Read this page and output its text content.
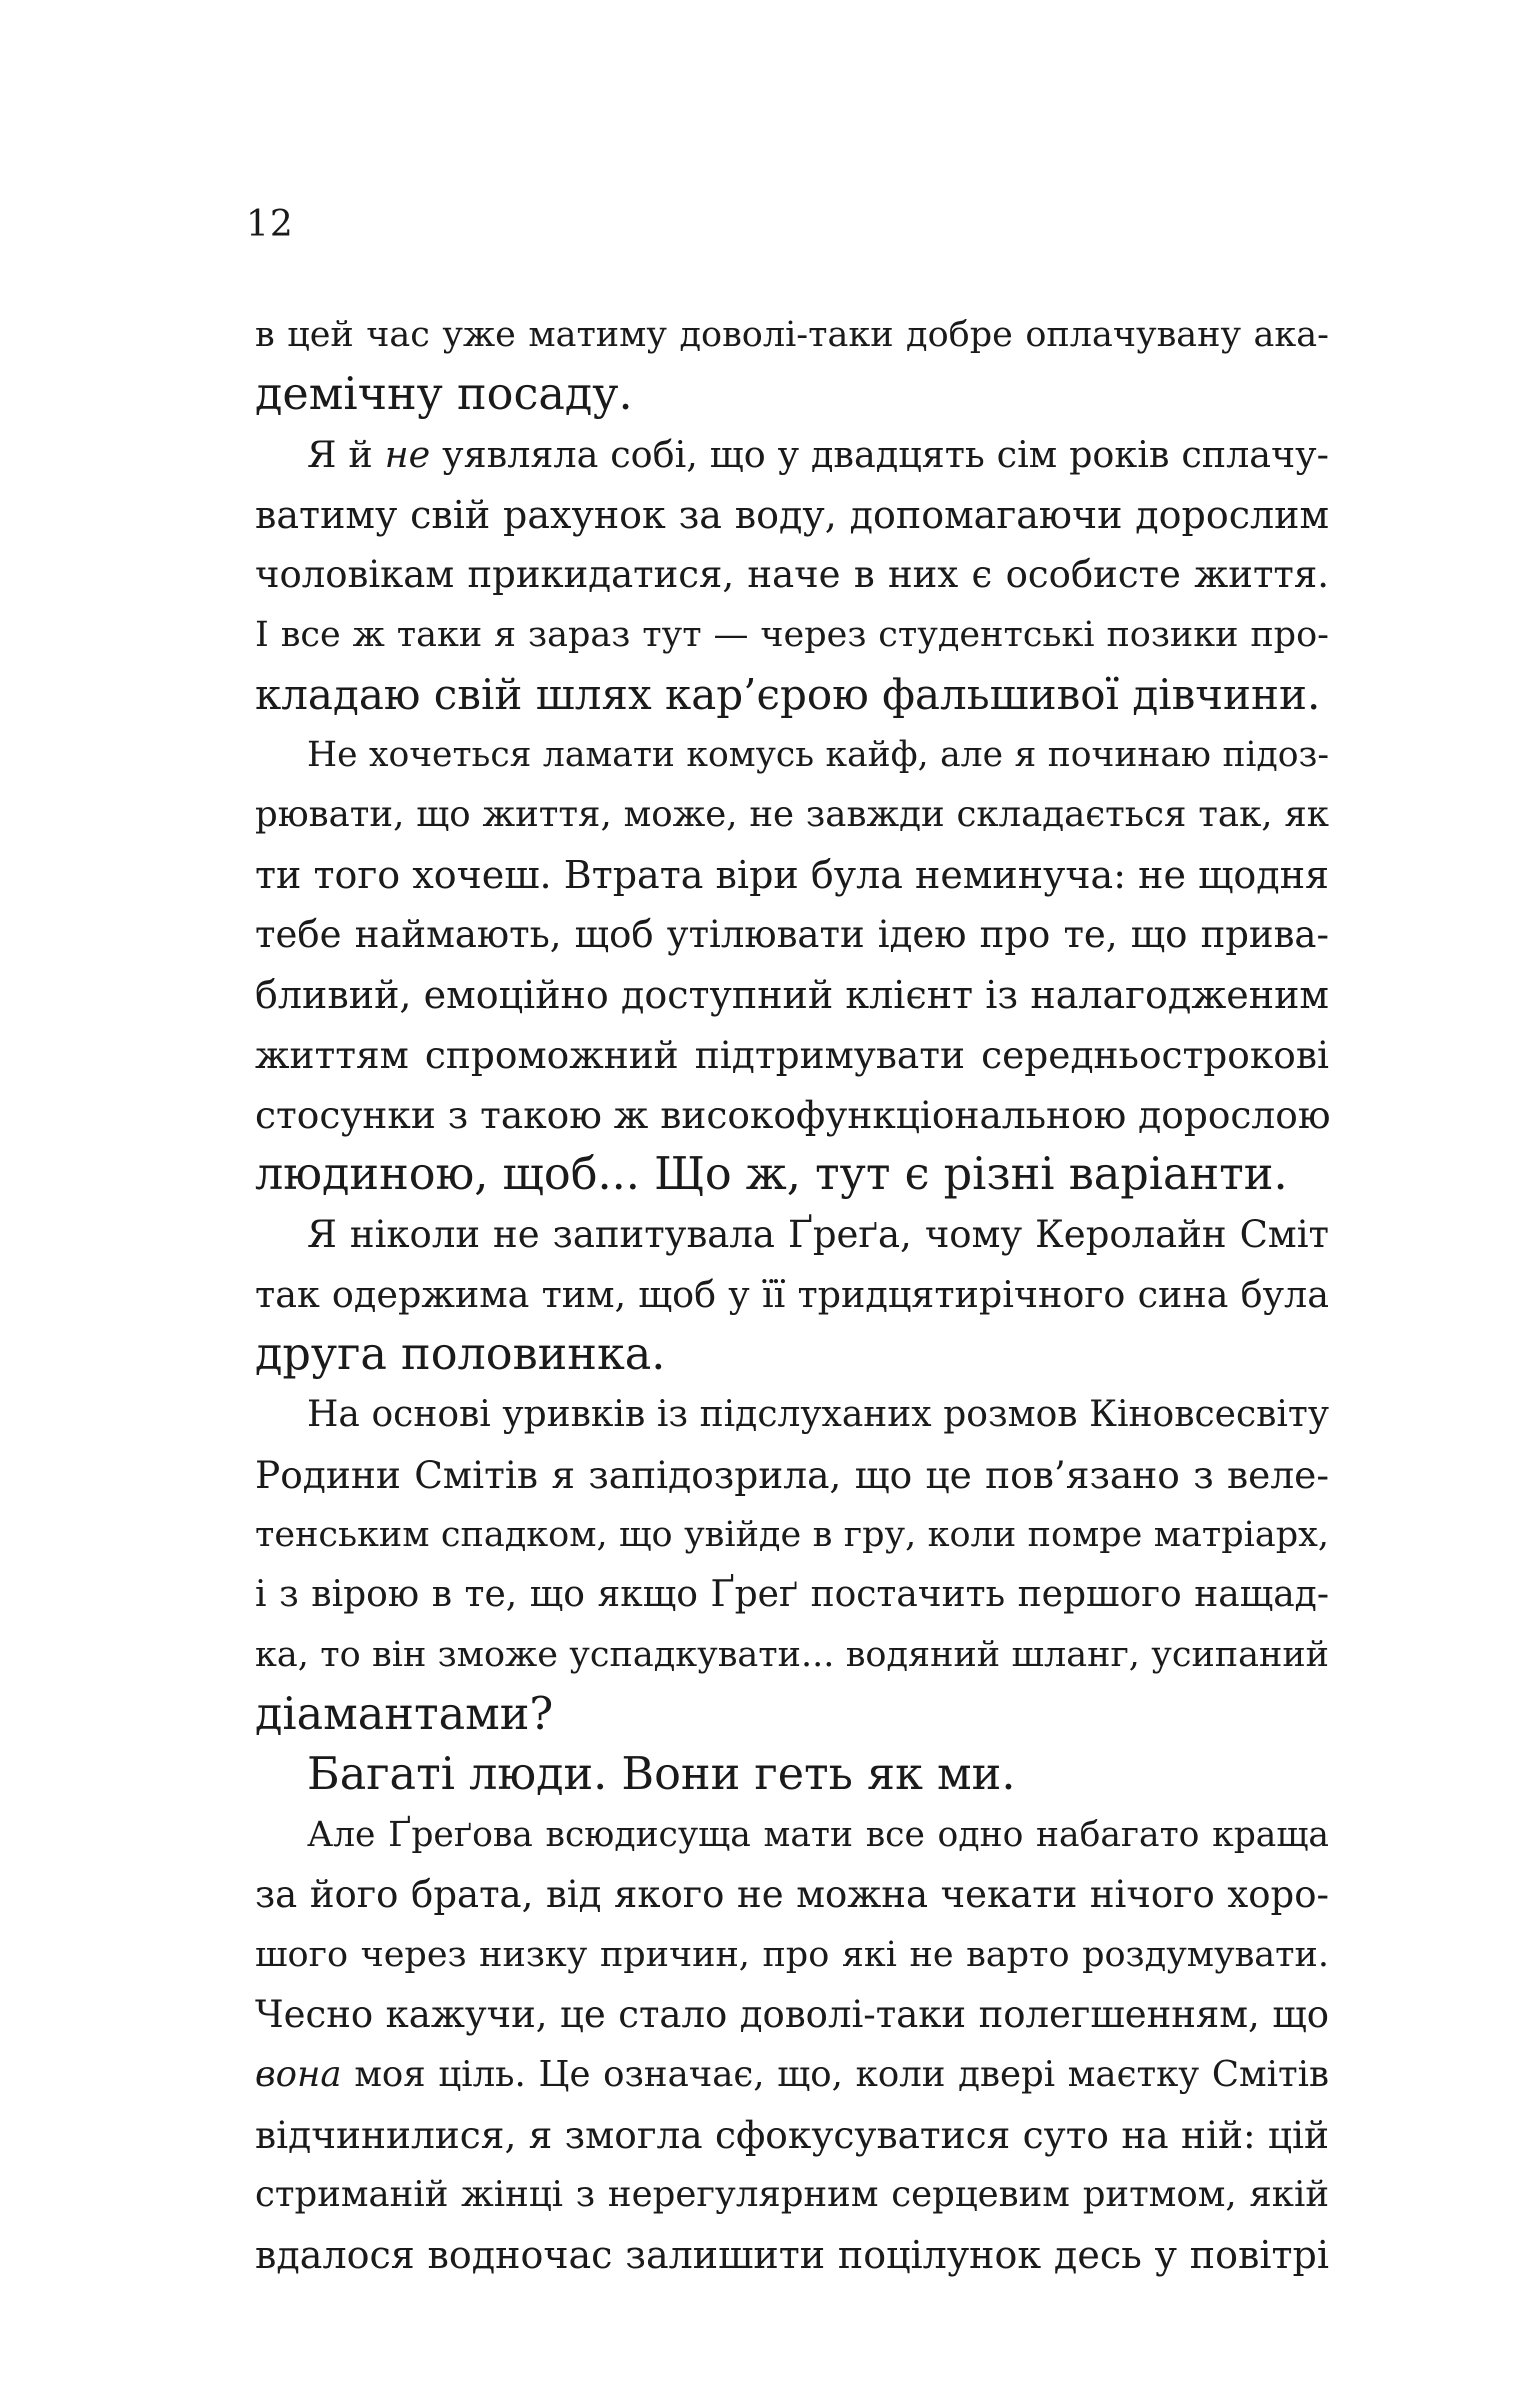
12
в цей час уже матиму доволі-таки добре оплачувану ака-
демічну посаду.
Я й не уявляла собі, що у двадцять сім років сплачу-
ватиму свій рахунок за воду, допомагаючи дорослим
чоловікам прикидатися, наче в них є особисте життя.
І все ж таки я зараз тут — через студентські позики про-
кладаю свій шлях кар’єрою фальшивої дівчини.
Не хочеться ламати комусь кайф, але я починаю підоз-
рювати, що життя, може, не завжди складається так, як
ти того хочеш. Втрата віри була неминуча: не щодня
тебе наймають, щоб утілювати ідею про те, що прива-
бливий, емоційно доступний клієнт із налагодженим
життям спроможний підтримувати середньострокові
стосунки з такою ж високофункціональною дорослою
людиною, щоб... Що ж, тут є різні варіанти.
Я ніколи не запитувала Ґреґа, чому Керолайн Сміт
так одержима тим, щоб у її тридцятирічного сина була
друга половинка.
На основі уривків із підслуханих розмов Кіновсесвіту
Родини Смітів я запідозрила, що це пов’язано з веле-
тенським спадком, що увійде в гру, коли помре матріарх,
і з вірою в те, що якщо Ґреґ постачить першого нащад-
ка, то він зможе успадкувати... водяний шланг, усипаний
діамантами?
Багаті люди. Вони геть як ми.
Але Ґреґова всюдисуща мати все одно набагато краща
за його брата, від якого не можна чекати нічого хоро-
шого через низку причин, про які не варто роздумувати.
Чесно кажучи, це стало доволі-таки полегшенням, що
вона моя ціль. Це означає, що, коли двері маєтку Смітів
відчинилися, я змогла сфокусуватися суто на ній: цій
стриманій жінці з нерегулярним серцевим ритмом, якій
вдалося водночас залишити поцілунок десь у повітрі
